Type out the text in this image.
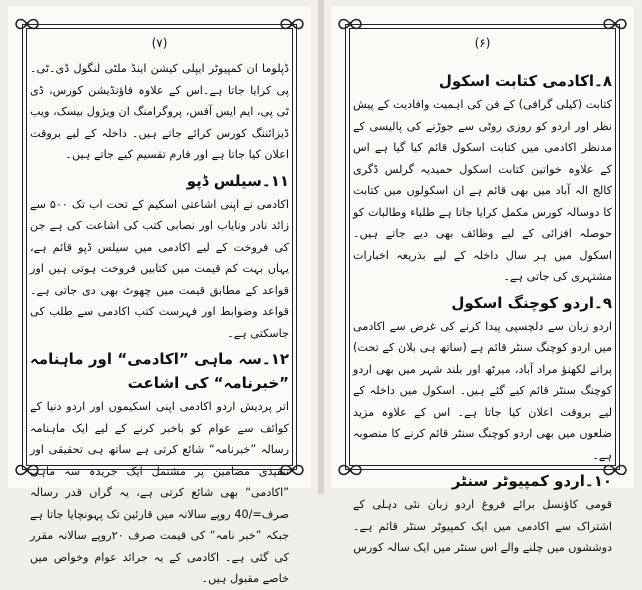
(۷)

ڈپلوما ان کمپیوٹر ایپلی کیشن اینڈ ملٹی لنگول ڈی۔ٹی۔پی کرایا جاتا ہے۔اس کے علاوہ فاؤنڈیشن کورس، ڈی ٹی پی، ایم ایس آفس، پروگرامنگ ان ویژول بیسک، ویب ڈیزائننگ کورس کرائے جاتے ہیں۔ داخلہ کے لیے بروقت اعلان کیا جاتا ہے اور فارم تقسیم کیے جاتے ہیں۔

۱۱۔سیلس ڈپو

اکادمی نے اپنی اشاعتی اسکیم کے تحت اب تک ۵۰۰ سے زائد نادر ونایاب اور نصابی کتب کی اشاعت کی ہے جن کی فروخت کے لیے اکادمی میں سیلس ڈپو قائم ہے، یہاں بہت کم قیمت میں کتابیں فروخت ہوتی ہیں اور قواعد کے مطابق قیمت میں چھوٹ بھی دی جاتی ہے۔ قواعد وضوابط اور فہرست کتب اکادمی سے طلب کی جاسکتی ہے۔

۱۲۔سہ ماہی ”اکادمی“ اور ماہنامہ ”خبرنامہ“ کی اشاعت

اتر پردیش اردو اکادمی اپنی اسکیموں اور اردو دنیا کے کوائف سے عوام کو باخبر کرنے کے لیے ایک ماہنامہ رسالہ ”خبرنامہ“ شائع کرتی ہے ساتھ ہی تحقیقی اور تنقیدی مضامین پر مشتمل ایک جریدہ سہ ماہی ”اکادمی“ بھی شائع کرتی ہے، یہ گراں قدر رسالہ صرف=/40 روپے سالانہ میں قارئین تک پہونچایا جاتا ہے جبکہ ”خبر نامہ“ کی قیمت صرف ۲۰روپے سالانہ مقرر کی گئی ہے۔ اکادمی کے یہ جرائد عوام وخواص میں خاصے مقبول ہیں۔

(۶)
۸۔اکادمی کتابت اسکول

کتابت (کیلی گرافی) کے فن کی اہمیت وافادیت کے پیش نظر اور اردو کو روزی روٹی سے جوڑنے کی پالیسی کے مدنظر اکادمی میں کتابت اسکول قائم کیا گیا ہے اس کے علاوہ خواتین کتابت اسکول حمیدیہ گرلس ڈگری کالج الہ آباد میں بھی قائم ہے ان اسکولوں میں کتابت کا دوسالہ کورس مکمل کرایا جاتا ہے طلباء وطالبات کو حوصلہ افزائی کے لیے وظائف بھی دیے جاتے ہیں۔ اسکول میں ہر سال داخلہ کے لیے بذریعہ اخبارات مشتہری کی جاتی ہے۔

۹۔اردو کوچنگ اسکول

اردو زبان سے دلچسپی پیدا کرنے کی غرض سے اکادمی میں اردو کوچنگ سنٹر قائم ہے (ساتھ ہی بلان کے تحت) پرانے لکھنؤ مراد آباد، میرٹھ اور بلند شہر میں بھی اردو کوچنگ سنٹر قائم کیے گئے ہیں۔ اسکول میں داخلہ کے لیے بروقت اعلان کیا جاتا ہے۔ اس کے علاوہ مزید ضلعوں میں بھی اردو کوچنگ سنٹر قائم کرنے کا منصوبہ ہے۔

۱۰۔اردو کمپیوٹر سنٹر

قومی کاؤنسل برائے فروغ اردو زبان نئی دہلی کے اشتراک سے اکادمی میں ایک کمپیوٹر سنٹر قائم ہے۔ دوششوں میں چلنے والے اس سنٹر میں ایک سالہ کورس
